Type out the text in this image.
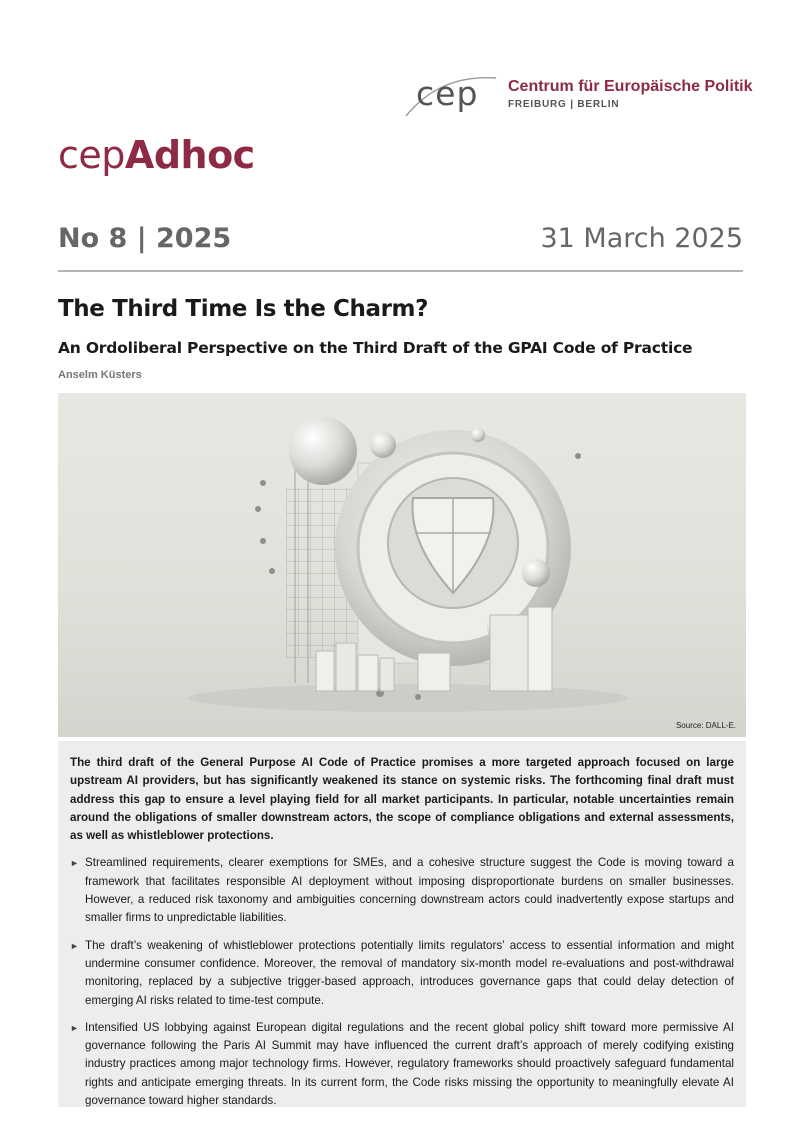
cep Centrum für Europäische Politik
FREIBURG | BERLIN
cepAdhoc
No 8 | 2025	31 March 2025
The Third Time Is the Charm?
An Ordoliberal Perspective on the Third Draft of the GPAI Code of Practice
Anselm Küsters
Source: DALL-E.

The third draft of the General Purpose AI Code of Practice promises a more targeted approach focused on large upstream AI providers, but has significantly weakened its stance on systemic risks. The forthcoming final draft must address this gap to ensure a level playing field for all market participants. In particular, notable uncertainties remain around the obligations of smaller downstream actors, the scope of compliance obligations and external assessments, as well as whistleblower protections.

► Streamlined requirements, clearer exemptions for SMEs, and a cohesive structure suggest the Code is moving toward a framework that facilitates responsible AI deployment without imposing disproportionate burdens on smaller businesses. However, a reduced risk taxonomy and ambiguities concerning downstream actors could inadvertently expose startups and smaller firms to unpredictable liabilities.

► The draft’s weakening of whistleblower protections potentially limits regulators’ access to essential information and might undermine consumer confidence. Moreover, the removal of mandatory six-month model re-evaluations and post-withdrawal monitoring, replaced by a subjective trigger-based approach, introduces governance gaps that could delay detection of emerging AI risks related to time-test compute.

► Intensified US lobbying against European digital regulations and the recent global policy shift toward more permissive AI governance following the Paris AI Summit may have influenced the current draft’s approach of merely codifying existing industry practices among major technology firms. However, regulatory frameworks should proactively safeguard fundamental rights and anticipate emerging threats. In its current form, the Code risks missing the opportunity to meaningfully elevate AI governance toward higher standards.
